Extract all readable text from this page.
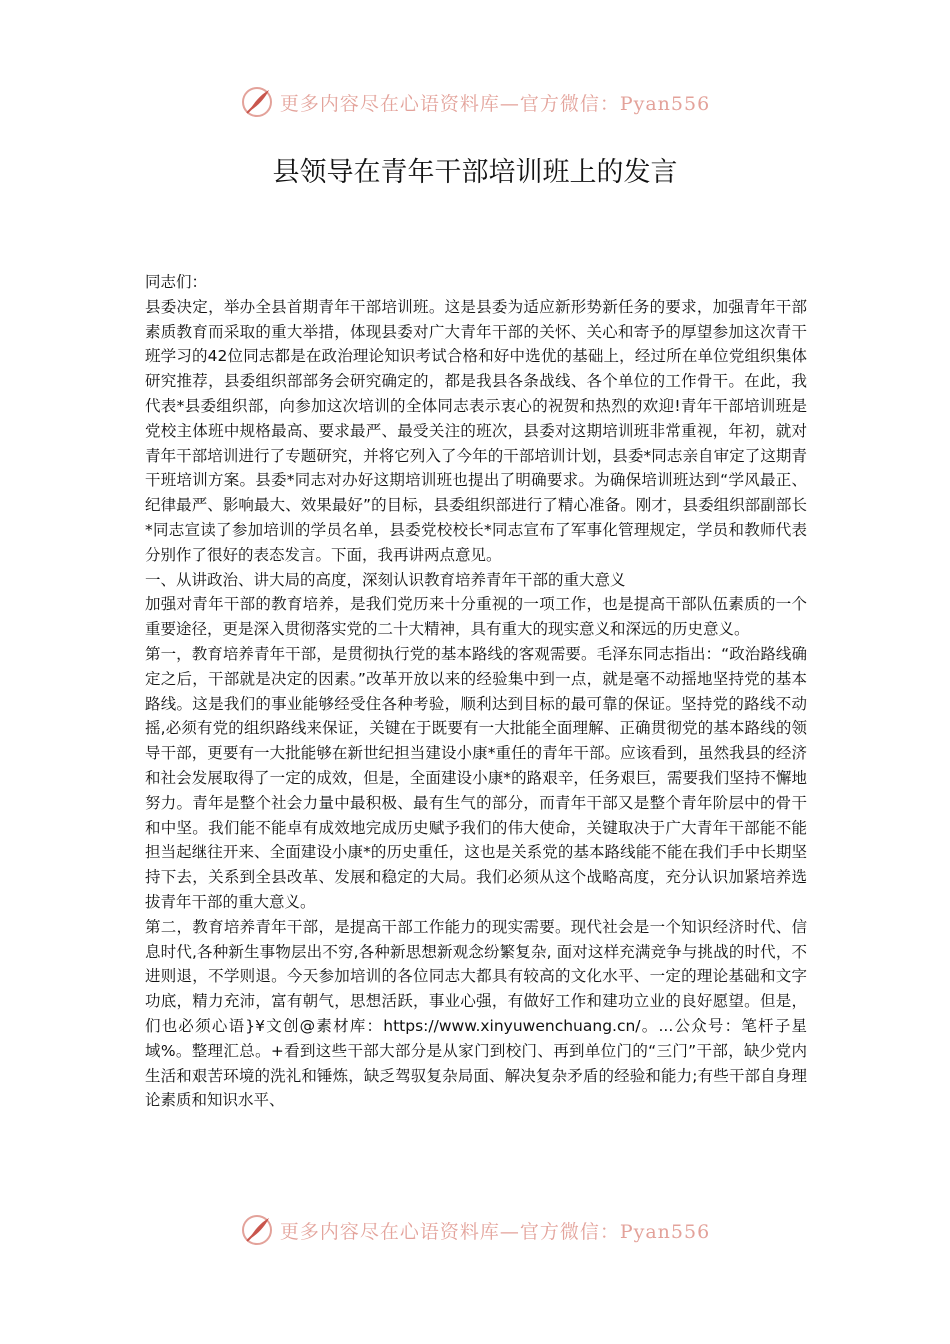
更多内容尽在心语资料库—官方微信：Pyan556
县领导在青年干部培训班上的发言

同志们：

县委决定，举办全县首期青年干部培训班。这是县委为适应新形势新任务的要求，加强青年干部素质教育而采取的重大举措，体现县委对广大青年干部的关怀、关心和寄予的厚望参加这次青干班学习的42位同志都是在政治理论知识考试合格和好中选优的基础上，经过所在单位党组织集体研究推荐，县委组织部部务会研究确定的，都是我县各条战线、各个单位的工作骨干。在此，我代表*县委组织部，向参加这次培训的全体同志表示衷心的祝贺和热烈的欢迎!青年干部培训班是党校主体班中规格最高、要求最严、最受关注的班次，县委对这期培训班非常重视，年初，就对青年干部培训进行了专题研究，并将它列入了今年的干部培训计划，县委*同志亲自审定了这期青干班培训方案。县委*同志对办好这期培训班也提出了明确要求。为确保培训班达到“学风最正、纪律最严、影响最大、效果最好”的目标，县委组织部进行了精心准备。刚才，县委组织部副部长*同志宣读了参加培训的学员名单，县委党校校长*同志宣布了军事化管理规定，学员和教师代表分别作了很好的表态发言。下面，我再讲两点意见。

一、从讲政治、讲大局的高度，深刻认识教育培养青年干部的重大意义

加强对青年干部的教育培养，是我们党历来十分重视的一项工作，也是提高干部队伍素质的一个重要途径，更是深入贯彻落实党的二十大精神，具有重大的现实意义和深远的历史意义。

第一，教育培养青年干部，是贯彻执行党的基本路线的客观需要。毛泽东同志指出：“政治路线确定之后，干部就是决定的因素。”改革开放以来的经验集中到一点，就是毫不动摇地坚持党的基本路线。这是我们的事业能够经受住各种考验，顺利达到目标的最可靠的保证。坚持党的路线不动摇,必须有党的组织路线来保证，关键在于既要有一大批能全面理解、正确贯彻党的基本路线的领导干部，更要有一大批能够在新世纪担当建设小康*重任的青年干部。应该看到，虽然我县的经济和社会发展取得了一定的成效，但是，全面建设小康*的路艰辛，任务艰巨，需要我们坚持不懈地努力。青年是整个社会力量中最积极、最有生气的部分，而青年干部又是整个青年阶层中的骨干和中坚。我们能不能卓有成效地完成历史赋予我们的伟大使命，关键取决于广大青年干部能不能担当起继往开来、全面建设小康*的历史重任，这也是关系党的基本路线能不能在我们手中长期坚持下去，关系到全县改革、发展和稳定的大局。我们必须从这个战略高度，充分认识加紧培养选拔青年干部的重大意义。

第二，教育培养青年干部，是提高干部工作能力的现实需要。现代社会是一个知识经济时代、信息时代,各种新生事物层出不穷,各种新思想新观念纷繁复杂, 面对这样充满竞争与挑战的时代，不进则退，不学则退。今天参加培训的各位同志大都具有较高的文化水平、一定的理论基础和文字功底，精力充沛，富有朝气，思想活跃，事业心强，有做好工作和建功立业的良好愿望。但是，们也必须心语}¥文创@素材库：https://www.xinyuwenchuang.cn/。...公众号：笔杆子星域%。整理汇总。+看到这些干部大部分是从家门到校门、再到单位门的“三门”干部，缺少党内生活和艰苦环境的洗礼和锤炼，缺乏驾驭复杂局面、解决复杂矛盾的经验和能力;有些干部自身理论素质和知识水平、

更多内容尽在心语资料库—官方微信：Pyan556
